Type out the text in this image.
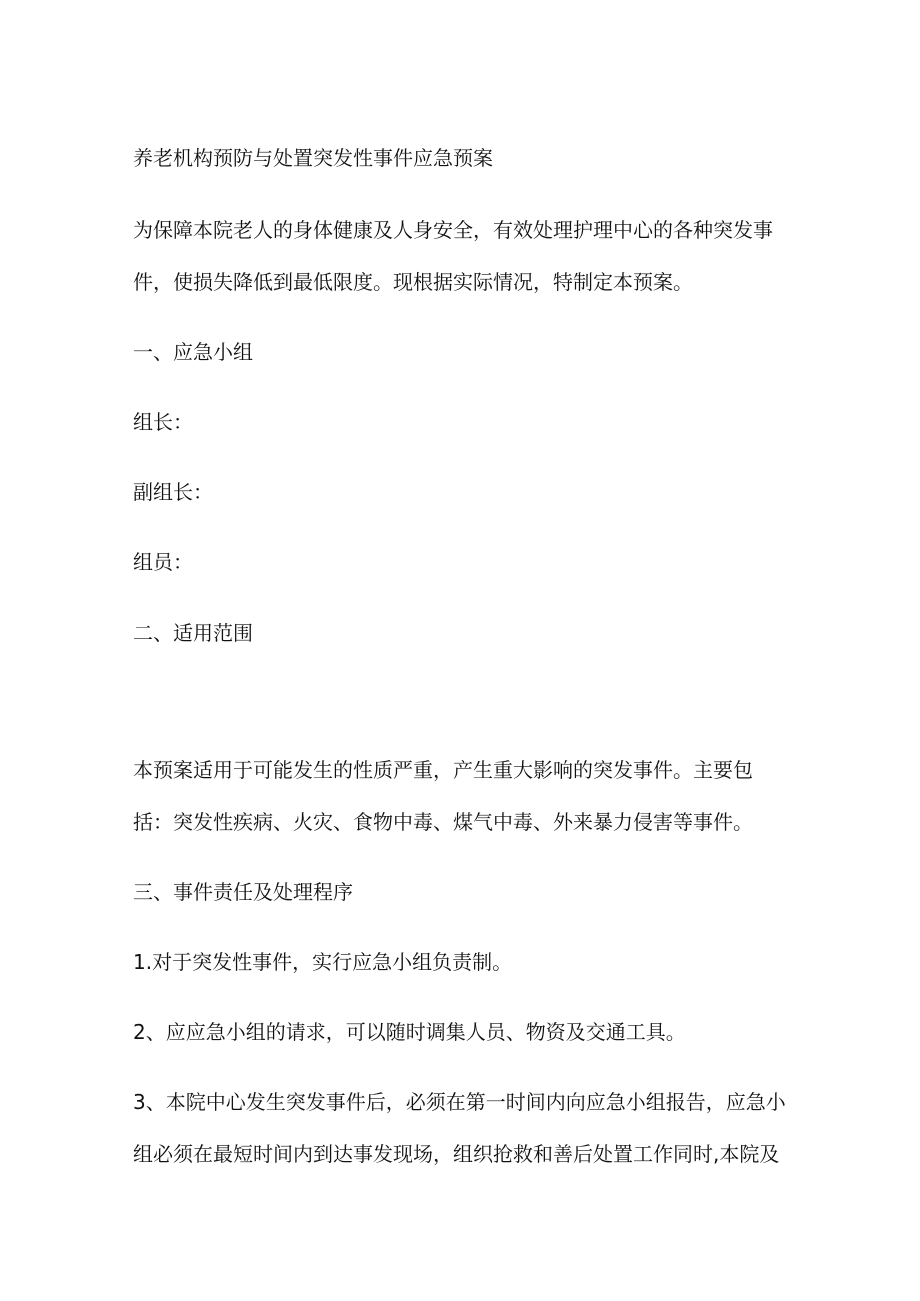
养老机构预防与处置突发性事件应急预案

为保障本院老人的身体健康及人身安全，有效处理护理中心的各种突发事

件，使损失降低到最低限度。现根据实际情况，特制定本预案。

一、应急小组

组长：

副组长：

组员：

二、适用范围

本预案适用于可能发生的性质严重，产生重大影响的突发事件。主要包

括：突发性疾病、火灾、食物中毒、煤气中毒、外来暴力侵害等事件。

三、事件责任及处理程序

1.对于突发性事件，实行应急小组负责制。

2、应应急小组的请求，可以随时调集人员、物资及交通工具。

3、本院中心发生突发事件后，必须在第一时间内向应急小组报告，应急小

组必须在最短时间内到达事发现场，组织抢救和善后处置工作同时,本院及
